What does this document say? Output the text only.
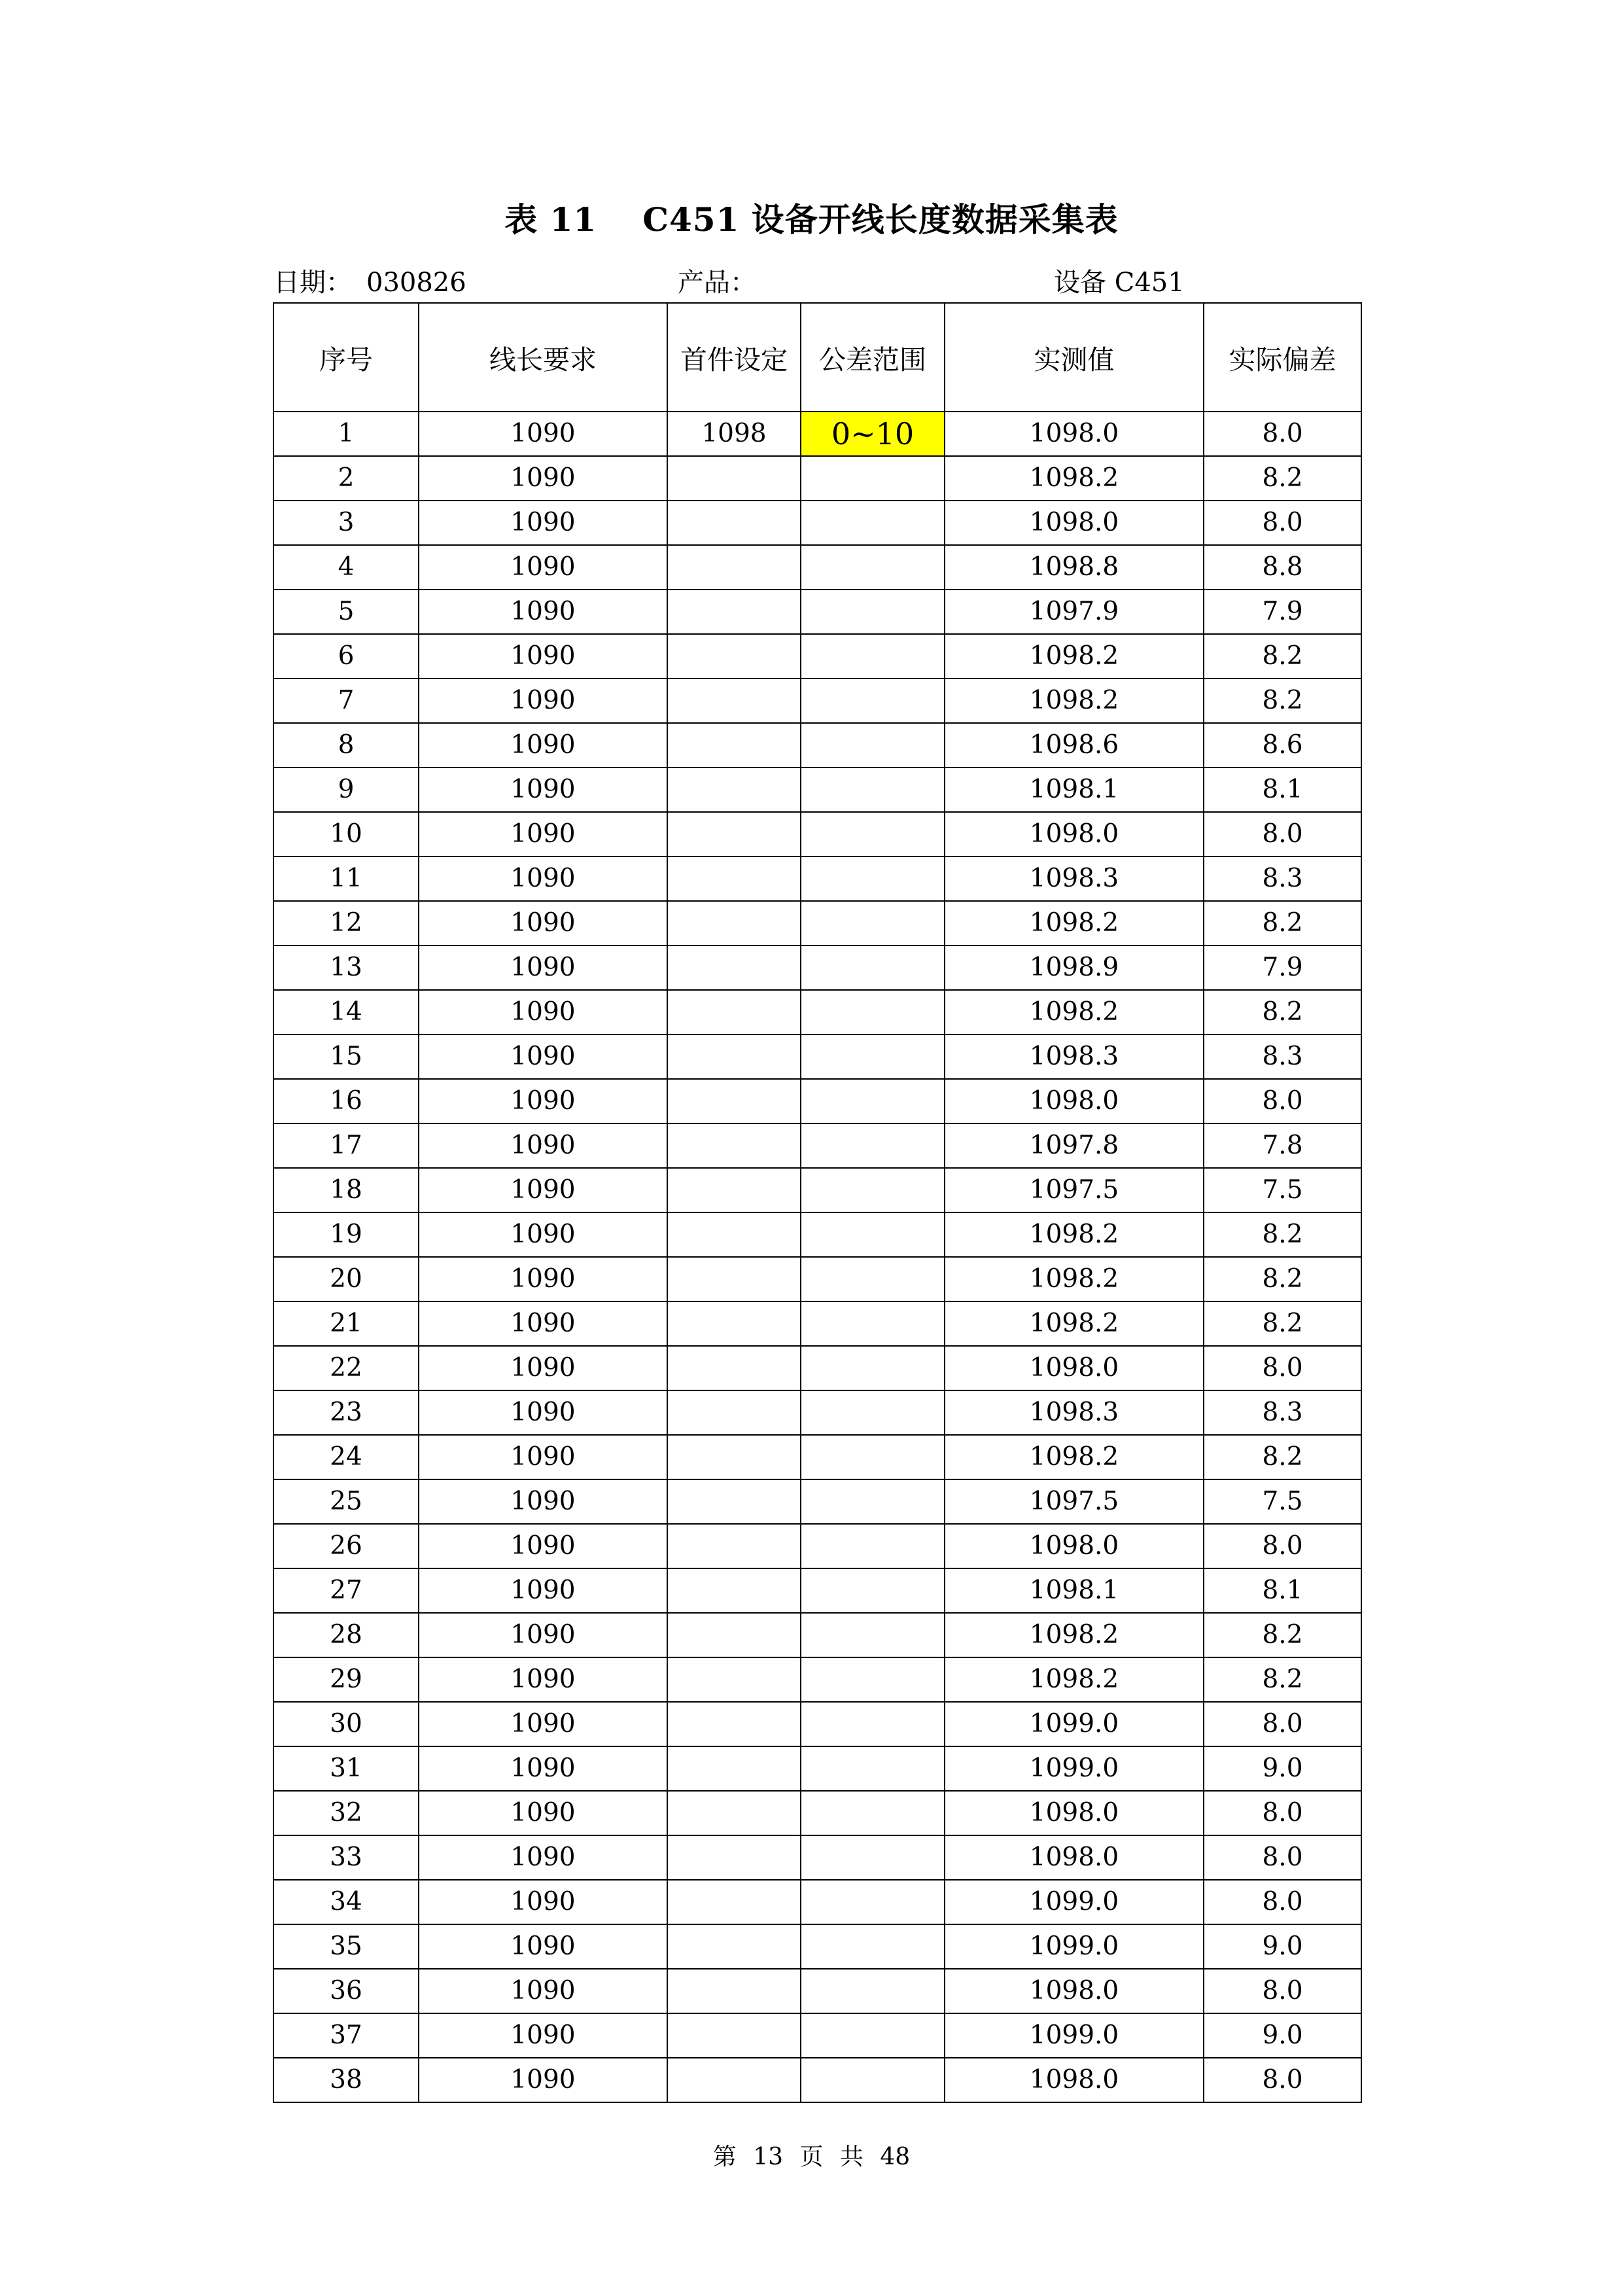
表 11 C451 设备开线长度数据采集表
日期： 030826	产品：	设备 C451
序号	线长要求	首件设定	公差范围	实测值	实际偏差
1	1090	1098	0~10	1098.0	8.0
2	1090			1098.2	8.2
3	1090			1098.0	8.0
4	1090			1098.8	8.8
5	1090			1097.9	7.9
6	1090			1098.2	8.2
7	1090			1098.2	8.2
8	1090			1098.6	8.6
9	1090			1098.1	8.1
10	1090			1098.0	8.0
11	1090			1098.3	8.3
12	1090			1098.2	8.2
13	1090			1098.9	7.9
14	1090			1098.2	8.2
15	1090			1098.3	8.3
16	1090			1098.0	8.0
17	1090			1097.8	7.8
18	1090			1097.5	7.5
19	1090			1098.2	8.2
20	1090			1098.2	8.2
21	1090			1098.2	8.2
22	1090			1098.0	8.0
23	1090			1098.3	8.3
24	1090			1098.2	8.2
25	1090			1097.5	7.5
26	1090			1098.0	8.0
27	1090			1098.1	8.1
28	1090			1098.2	8.2
29	1090			1098.2	8.2
30	1090			1099.0	8.0
31	1090			1099.0	9.0
32	1090			1098.0	8.0
33	1090			1098.0	8.0
34	1090			1099.0	8.0
35	1090			1099.0	9.0
36	1090			1098.0	8.0
37	1090			1099.0	9.0
38	1090			1098.0	8.0
第 13 页 共 48
